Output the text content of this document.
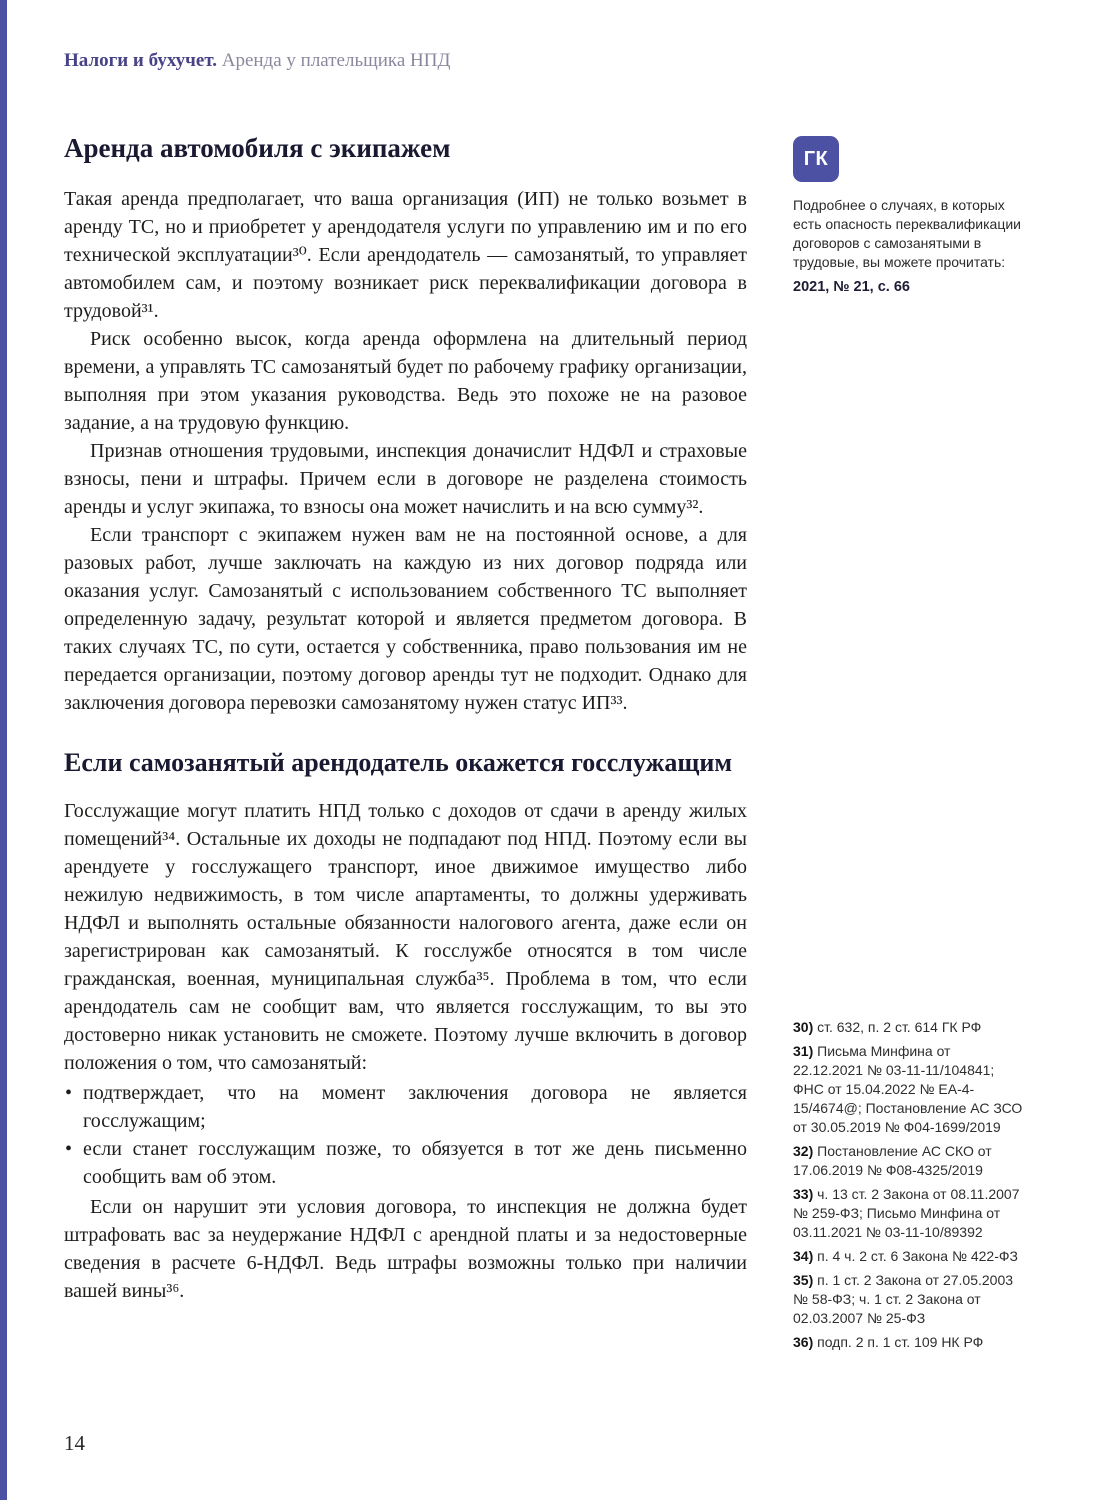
Налоги и бухучет. Аренда у плательщика НПД
Аренда автомобиля с экипажем

Такая аренда предполагает, что ваша организация (ИП) не только возьмет в аренду ТС, но и приобретет у арендодателя услуги по управлению им и по его технической эксплуатации³⁰. Если арендодатель — самозанятый, то управляет автомобилем сам, и поэтому возникает риск переквалификации договора в трудовой³¹.

Риск особенно высок, когда аренда оформлена на длительный период времени, а управлять ТС самозанятый будет по рабочему графику организации, выполняя при этом указания руководства. Ведь это похоже не на разовое задание, а на трудовую функцию.

Признав отношения трудовыми, инспекция доначислит НДФЛ и страховые взносы, пени и штрафы. Причем если в договоре не разделена стоимость аренды и услуг экипажа, то взносы она может начислить и на всю сумму³².

Если транспорт с экипажем нужен вам не на постоянной основе, а для разовых работ, лучше заключать на каждую из них договор подряда или оказания услуг. Самозанятый с использованием собственного ТС выполняет определенную задачу, результат которой и является предметом договора. В таких случаях ТС, по сути, остается у собственника, право пользования им не передается организации, поэтому договор аренды тут не подходит. Однако для заключения договора перевозки самозанятому нужен статус ИП³³.

Если самозанятый арендодатель окажется госслужащим

Госслужащие могут платить НПД только с доходов от сдачи в аренду жилых помещений³⁴. Остальные их доходы не подпадают под НПД. Поэтому если вы арендуете у госслужащего транспорт, иное движимое имущество либо нежилую недвижимость, в том числе апартаменты, то должны удерживать НДФЛ и выполнять остальные обязанности налогового агента, даже если он зарегистрирован как самозанятый. К госслужбе относятся в том числе гражданская, военная, муниципальная служба³⁵. Проблема в том, что если арендодатель сам не сообщит вам, что является госслужащим, то вы это достоверно никак установить не сможете. Поэтому лучше включить в договор положения о том, что самозанятый:

• подтверждает, что на момент заключения договора не является госслужащим;
• если станет госслужащим позже, то обязуется в тот же день письменно сообщить вам об этом.

Если он нарушит эти условия договора, то инспекция не должна будет штрафовать вас за неудержание НДФЛ с арендной платы и за недостоверные сведения в расчете 6-НДФЛ. Ведь штрафы возможны только при наличии вашей вины³⁶.

ГК

Подробнее о случаях, в которых есть опасность переквалификации договоров с самозанятыми в трудовые, вы можете прочитать:

2021, № 21, с. 66

30) ст. 632, п. 2 ст. 614 ГК РФ

31) Письма Минфина от 22.12.2021 № 03-11-11/104841; ФНС от 15.04.2022 № ЕА-4-15/4674@; Постановление АС ЗСО от 30.05.2019 № Ф04-1699/2019

32) Постановление АС СКО от 17.06.2019 № Ф08-4325/2019

33) ч. 13 ст. 2 Закона от 08.11.2007 № 259-ФЗ; Письмо Минфина от 03.11.2021 № 03-11-10/89392

34) п. 4 ч. 2 ст. 6 Закона № 422-ФЗ

35) п. 1 ст. 2 Закона от 27.05.2003 № 58-ФЗ; ч. 1 ст. 2 Закона от 02.03.2007 № 25-ФЗ

36) подп. 2 п. 1 ст. 109 НК РФ

14
